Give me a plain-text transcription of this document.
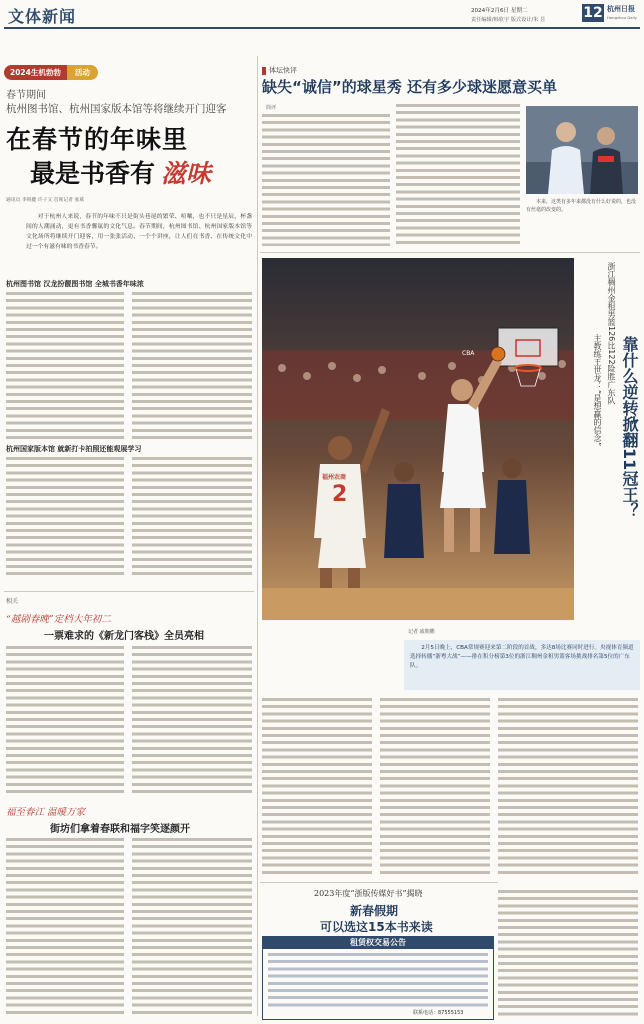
文体新闻	2024年2月6日 星期二
责任编辑/韩欣宇 版式设计/朱 昱	12 杭州日报
Hangzhou Daily
2024生机勃勃 活动
春节期间
杭州图书馆、杭州国家版本馆等将继续开门迎客
在春节的年味里
最是书香有 滋味
通讯员 李锐健 许子又 首席记者 张慕
对于杭州人来说，春节的年味不只是街头巷尾的繁荣、喧嚷，也不只是星辰、杯盏间的人潮涌动，更有书香馨氲的文化气息。春节期间，杭州图书馆、杭州国家版本馆等文化场所将继续开门迎客，用一张张活动、一个个讲座，让人们在书香、在传统文化中过一个有滋有味的书香春节。
杭州图书馆 汉龙扮靓图书馆 全城书香年味浓
杭州国家版本馆 就新打卡拍照还能观展学习
相关
“越剧春晚”定档大年初二
一票难求的《新龙门客栈》全员亮相
福至春江 温暖万家
街坊们拿着春联和福字笑逐颜开
体坛快评
缺失“诚信”的球星秀 还有多少球迷愿意买单
简评
本来，这类有多年来都没有什么好说的，也没有丝毫的改变的。
CBA
福州农商
2	靠什么逆转掀翻11冠王？
浙江稠州金租男篮126比122险胜广东队
主教练王世龙：“是想赢的信念”
记者 戚朝鹏
2月5日晚上，CBA常规赛迎来第二阶段的首战，多达8场比赛同时进行。央视体育频道选择转播“浙粤大战”——排在积分榜第3位的浙江稠州金租男篮客场挑战排名第5位的广东队。
2023年度“浙版传媒好书”揭晓
新春假期
可以选这15本书来读
租赁权交易公告
联系电话：87555153
